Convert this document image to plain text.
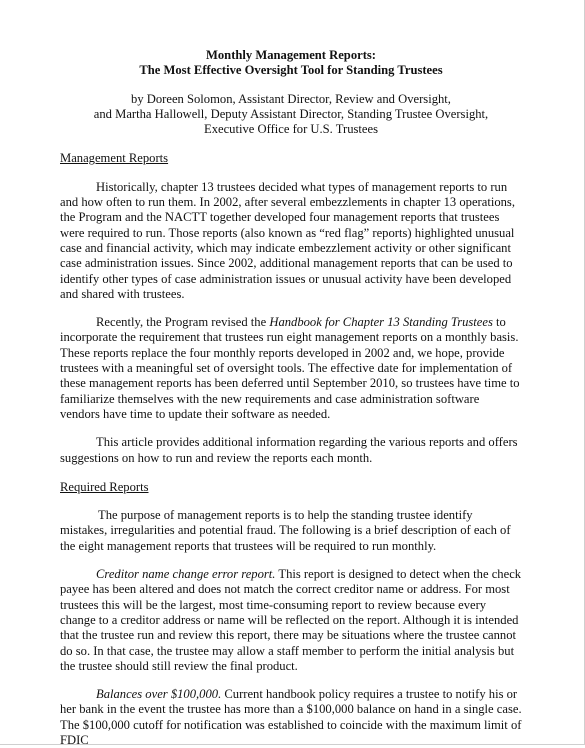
Monthly Management Reports:
The Most Effective Oversight Tool for Standing Trustees
by Doreen Solomon, Assistant Director, Review and Oversight,
and Martha Hallowell, Deputy Assistant Director, Standing Trustee Oversight,
Executive Office for U.S. Trustees
Management Reports

Historically, chapter 13 trustees decided what types of management reports to run and how often to run them. In 2002, after several embezzlements in chapter 13 operations, the Program and the NACTT together developed four management reports that trustees were required to run. Those reports (also known as “red flag” reports) highlighted unusual case and financial activity, which may indicate embezzlement activity or other significant case administration issues. Since 2002, additional management reports that can be used to identify other types of case administration issues or unusual activity have been developed and shared with trustees.

Recently, the Program revised the Handbook for Chapter 13 Standing Trustees to incorporate the requirement that trustees run eight management reports on a monthly basis. These reports replace the four monthly reports developed in 2002 and, we hope, provide trustees with a meaningful set of oversight tools. The effective date for implementation of these management reports has been deferred until September 2010, so trustees have time to familiarize themselves with the new requirements and case administration software vendors have time to update their software as needed.

This article provides additional information regarding the various reports and offers suggestions on how to run and review the reports each month.

Required Reports

The purpose of management reports is to help the standing trustee identify mistakes, irregularities and potential fraud. The following is a brief description of each of the eight management reports that trustees will be required to run monthly.

Creditor name change error report. This report is designed to detect when the check payee has been altered and does not match the correct creditor name or address. For most trustees this will be the largest, most time-consuming report to review because every change to a creditor address or name will be reflected on the report. Although it is intended that the trustee run and review this report, there may be situations where the trustee cannot do so. In that case, the trustee may allow a staff member to perform the initial analysis but the trustee should still review the final product.

Balances over $100,000. Current handbook policy requires a trustee to notify his or her bank in the event the trustee has more than a $100,000 balance on hand in a single case. The $100,000 cutoff for notification was established to coincide with the maximum limit of FDIC
